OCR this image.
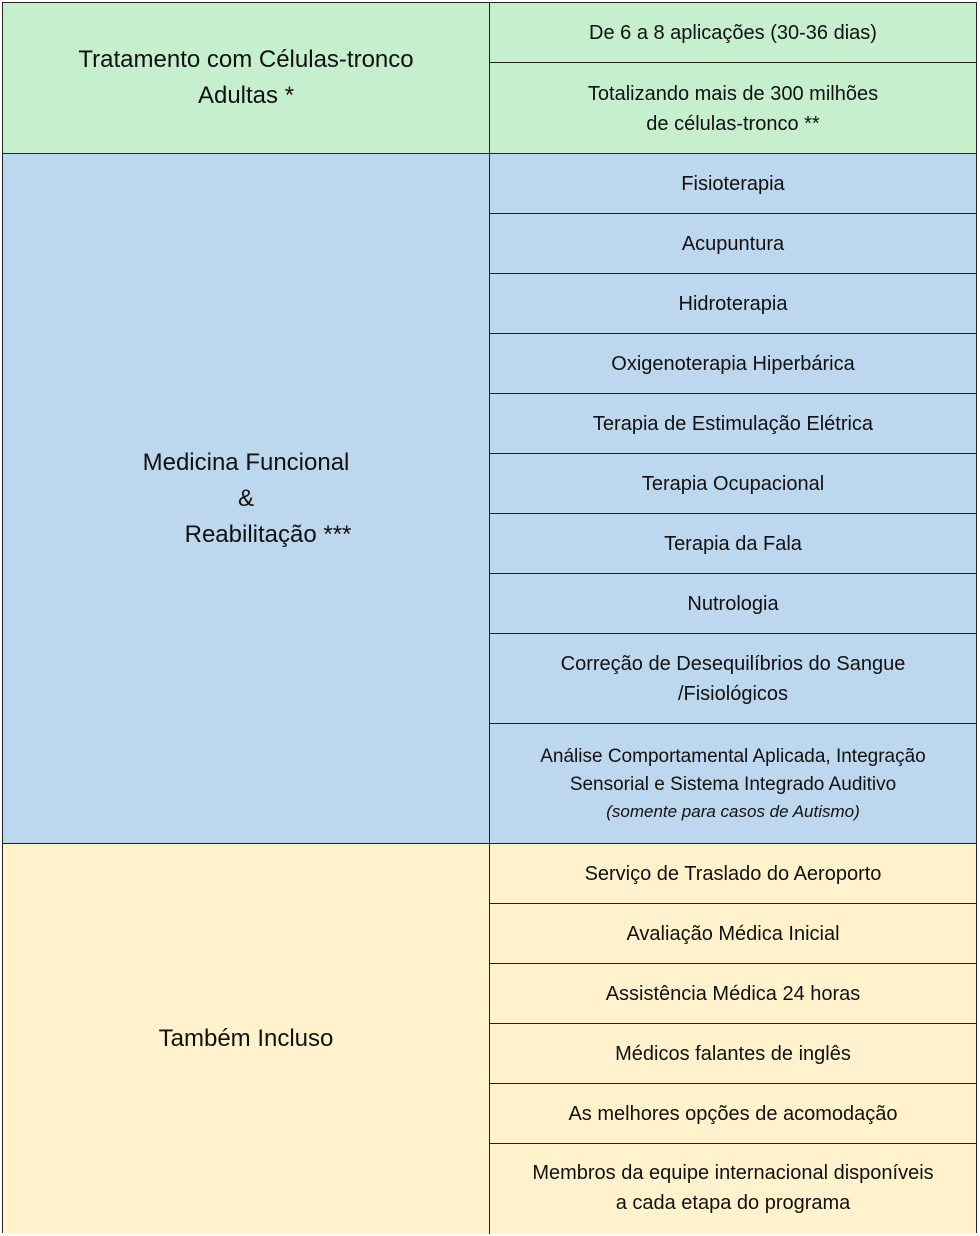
Tratamento com Células-tronco
Adultas *
De 6 a 8 aplicações (30-36 dias)
Totalizando mais de 300 milhões
de células-tronco **
Medicina Funcional
&
Reabilitação ***
Fisioterapia
Acupuntura
Hidroterapia
Oxigenoterapia Hiperbárica
Terapia de Estimulação Elétrica
Terapia Ocupacional
Terapia da Fala
Nutrologia
Correção de Desequilíbrios do Sangue
/Fisiológicos
Análise Comportamental Aplicada, Integração
Sensorial e Sistema Integrado Auditivo
(somente para casos de Autismo)
Também Incluso
Serviço de Traslado do Aeroporto
Avaliação Médica Inicial
Assistência Médica 24 horas
Médicos falantes de inglês
As melhores opções de acomodação
Membros da equipe internacional disponíveis
a cada etapa do programa
